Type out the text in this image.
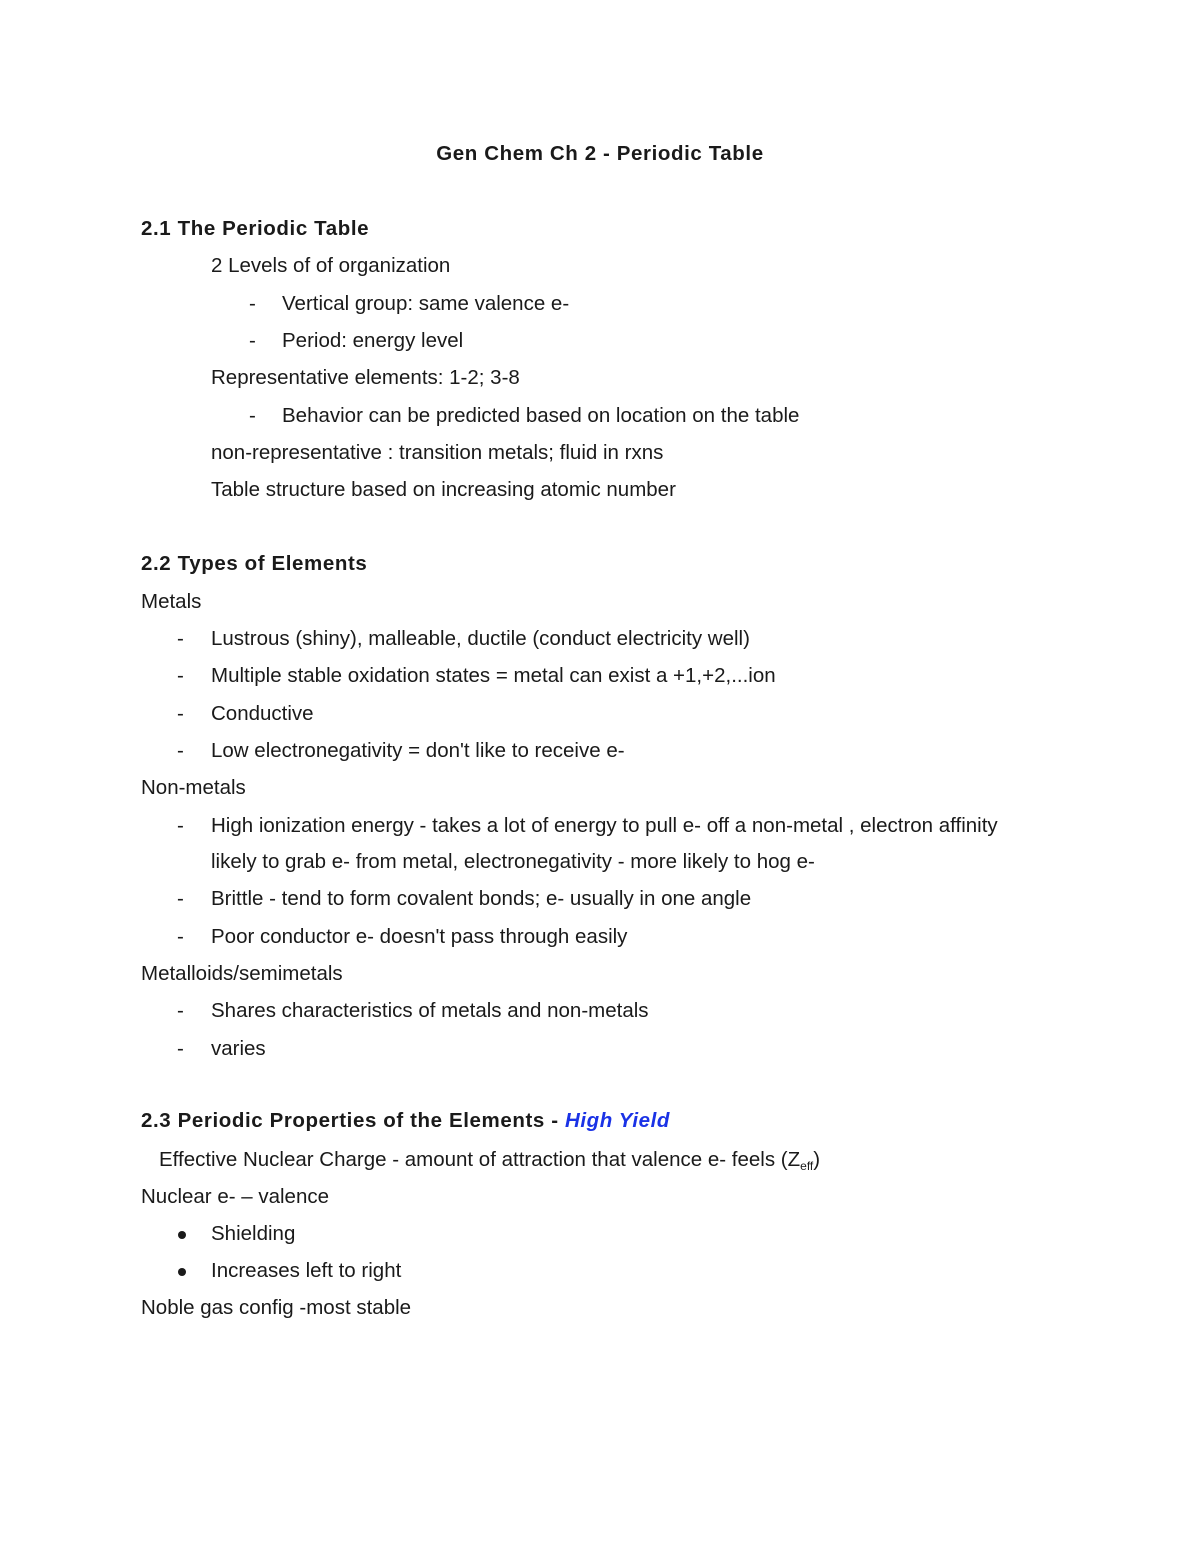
Gen Chem Ch 2 - Periodic Table
2.1 The Periodic Table
2 Levels of of organization
- Vertical group: same valence e-
- Period: energy level
Representative elements: 1-2; 3-8
- Behavior can be predicted based on location on the table
non-representative : transition metals; fluid in rxns
Table structure based on increasing atomic number
2.2 Types of Elements
Metals
- Lustrous (shiny), malleable, ductile (conduct electricity well)
- Multiple stable oxidation states = metal can exist a +1,+2,...ion
- Conductive
- Low electronegativity = don't like to receive e-
Non-metals
- High ionization energy - takes a lot of energy to pull e- off a non-metal , electron affinity
likely to grab e- from metal, electronegativity - more likely to hog e-
- Brittle - tend to form covalent bonds; e- usually in one angle
- Poor conductor e- doesn't pass through easily
Metalloids/semimetals
- Shares characteristics of metals and non-metals
- varies
2.3 Periodic Properties of the Elements - High Yield
Effective Nuclear Charge - amount of attraction that valence e- feels $(Z_{eff})$
Nuclear e- – valence
Shielding
Increases left to right
Noble gas config -most stable
